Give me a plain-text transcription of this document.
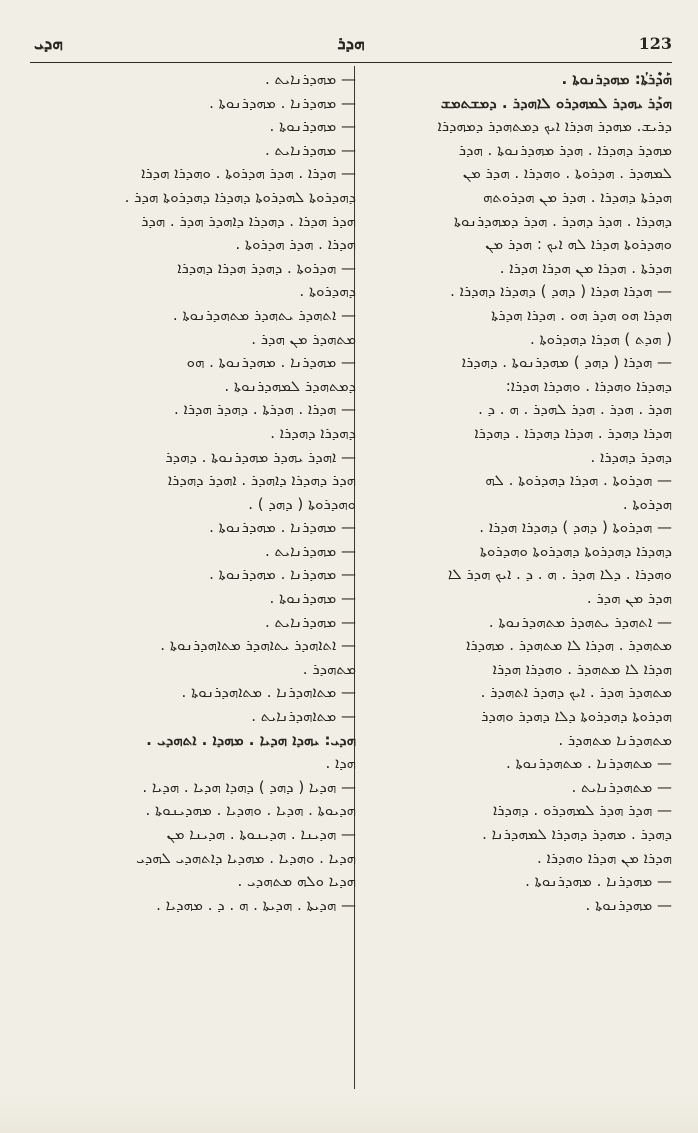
ܗܕܝ	ܗܕܪ	123
ܗܰܕܶܪܬܳܐ: ܡܗܕܪܢܘܬܐ .
ܗܕܰܪ ܝܗܕܪ ܠܡܗܕܪܘ ܠܐܗܕܪ . ܕܡܫܬܡܫ
ܕܪܝܫ. ܡܗܕܪ ܗܕܪܐ ܐܝܟ ܕܡܬܗܕܪ ܕܡܗܕܪܐ
ܡܗܕܪ ܕܗܕܪܐ . ܗܕܪ ܡܗܕܪܢܘܬܐ . ܗܕܪ
ܠܡܗܕܪ . ܗܕܪܘܬܐ . ܘܗܕܪܐ . ܗܕܪ ܡܢ
ܗܕܪܬܐ ܕܗܕܪܐ . ܗܕܪ ܡܢ ܗܕܪܘܬܗ
ܕܗܕܪܐ . ܗܕܪ ܕܗܕܪ . ܗܕܪ ܕܡܗܕܪܢܘܬܐ
ܘܗܕܪܘܬܐ ܗܕܪܐ ܠܗ ܐܝܟ : ܗܕܪ ܡܢ
ܗܕܪܬܐ . ܗܕܪܐ ܡܢ ܗܕܪܐ ܗܕܪܐ .
— ܗܕܪܐ ܗܕܪܐ ( ܕܗܕ ) ܕܗܕܪܐ ܕܗܕܪܐ .
ܗܕܪܐ ܗܘ ܗܕܪ ܗܘ . ܗܕܪܐ ܗܕܪܬܐ
( ܗܕܬ ) ܗܕܪܐ ܕܗܕܪܘܬܐ .
— ܗܕܪܐ ( ܕܗܕ ) ܡܗܕܪܢܘܬܐ . ܕܗܕܪܐ
ܕܗܕܪܐ ܘܗܕܪܐ . ܘܗܕܪܐ ܗܕܪܐ:
ܗܕܪ . ܗܕܪ . ܗܕܪ ܠܗܕܪ . ܗ . ܕ .
ܗܕܪܐ ܕܗܕܪ . ܗܕܪܐ ܕܗܕܪܐ . ܕܗܕܪܐ
ܕܗܕܪ ܕܗܕܪܐ .
— ܗܕܪܘܬܐ . ܗܕܪܐ ܕܗܕܪܘܬܐ . ܠܗ
ܗܕܪܘܬܐ .
— ܗܕܪܘܬܐ ( ܕܗܕ ) ܕܗܕܪܐ ܗܕܪܐ .
ܕܗܕܪܐ ܕܗܕܪܘܬܐ ܕܗܕܪܘܬܐ ܘܗܕܪܘܬܐ
ܘܗܕܪܐ . ܕܠܐ ܗܕܪ . ܗ . ܕ . ܐܝܟ ܗܕܪ ܠܐ
ܗܕܪ ܡܢ ܗܕܪ .
— ܐܬܗܕܪ ܝܬܗܕܪ ܡܬܗܕܪܢܘܬܐ .
ܡܬܗܕܪ . ܗܕܪܐ ܠܐ ܡܬܗܕܪ . ܡܗܕܪܐ
ܗܕܪܐ ܠܐ ܡܬܗܕܪ . ܘܗܕܪܐ ܗܕܪܐ
ܡܬܗܕܪ ܗܕܪ . ܐܝܟ ܕܗܕܪ ܐܬܗܕܪ .
ܗܕܪܘܬܐ ܕܗܕܪܘܬܐ ܕܠܐ ܕܗܕܪ ܘܗܕܪ
ܡܬܗܕܪܢܐ ܡܬܗܕܪ .
— ܡܬܗܕܪܢܐ . ܡܬܗܕܪܢܘܬܐ .
— ܡܬܗܕܪܢܐܝܬ .
— ܗܕܪ ܗܕܪ ܠܡܗܕܪܘ . ܕܗܕܪܐ
ܕܗܕܪ . ܡܗܕܪ ܕܗܕܪܐ ܠܡܗܕܪܢܐ .
ܗܕܪܐ ܡܢ ܗܕܪܐ ܘܗܕܪܐ .
— ܡܗܕܪܢܐ . ܡܗܕܪܢܘܬܐ .
— ܡܗܕܪܢܘܬܐ .
— ܡܗܕܪܢܐܝܬ .
— ܡܗܕܪܢܐ . ܡܗܕܪܢܘܬܐ .
— ܡܗܕܪܢܘܬܐ .
— ܡܗܕܪܢܐܝܬ .
— ܗܕܪܐ . ܗܕܪ ܗܕܪܘܬܐ . ܘܗܕܪܐ ܗܕܪܐ
ܕܗܕܪܘܬܐ ܠܗܕܪܘܬܐ ܕܗܕܪܐ ܕܗܕܪܘܬܐ ܗܕܪ .
ܗܕܪ ܗܕܪܐ . ܕܗܕܪܐ ܕܐܗܕܪ ܗܕܪ . ܗܕܪ
ܗܕܪܐ . ܗܕܪ ܗܕܪܘܬܐ .
— ܗܕܪܘܬܐ . ܕܗܕܪ ܗܕܪܐ ܕܗܕܪܐ
ܕܗܕܪܘܬܐ .
— ܐܬܗܕܪ ܝܬܗܕܪ ܡܬܗܕܪܢܘܬܐ .
ܡܬܗܕܪ ܡܢ ܗܕܪ .
— ܡܗܕܪܢܐ . ܡܗܕܪܢܘܬܐ . ܗܘ
ܕܡܬܗܕܪ ܠܡܗܕܪܢܘܬܐ .
— ܗܕܪܐ . ܗܕܪܬܐ . ܕܗܕܪ ܗܕܪܐ .
ܕܗܕܪܐ ܕܗܕܪܐ .
— ܐܗܕܪ ܝܗܕܪ ܡܗܕܪܢܘܬܐ . ܕܗܕܪ
ܗܕܪ ܕܗܕܪܐ ܕܐܗܕܪ . ܐܗܕܪ ܕܗܕܪܐ
ܘܗܕܪܘܬܐ ( ܕܗܕ ) .
— ܡܗܕܪܢܐ . ܡܗܕܪܢܘܬܐ .
— ܡܗܕܪܢܐܝܬ .
— ܡܗܕܪܢܐ . ܡܗܕܪܢܘܬܐ .
— ܡܗܕܪܢܘܬܐ .
— ܡܗܕܪܢܐܝܬ .
— ܐܬܐܗܕܪ ܝܬܐܗܕܪ ܡܬܐܗܕܪܢܘܬܐ .
ܡܬܗܕܪ .
— ܡܬܐܗܕܪܢܐ . ܡܬܐܗܕܪܢܘܬܐ .
— ܡܬܐܗܕܪܢܐܝܬ .
ܗܕܝ: ܝܗܕܐ ܗܕܝܐ . ܡܗܕܐ . ܐܬܗܕܝ .
ܗܕܐ .
— ܗܕܝܐ ( ܕܗܕ ) ܕܗܕܐ ܗܕܝܐ . ܗܕܝܐ .
ܗܕܝܘܬܐ . ܗܕܝܐ . ܘܗܕܝܐ . ܡܗܕܝܢܘܬܐ .
— ܗܕܝܢܐ . ܗܕܝܢܘܬܐ . ܗܕܝܢܐ ܡܢ
ܗܕܝܐ . ܘܗܕܝܐ . ܡܗܕܝܐ ܕܐܬܗܕܝ ܠܗܕܝ
ܗܕܝܐ ܘܠܗ ܡܬܗܕܝ .
— ܗܕܝܬܐ . ܗܕܝܬܐ . ܗ . ܕ . ܡܗܕܝܐ .
